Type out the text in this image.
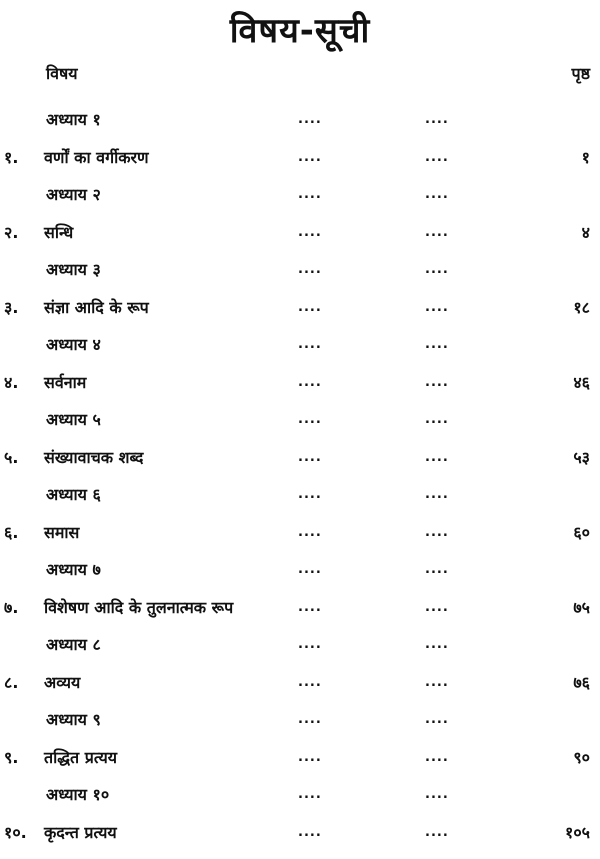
विषय-सूची
विषय	पृष्ठ
अध्याय १	....	....
१. वर्णों का वर्गीकरण	....	....	१
अध्याय २	....	....
२. सन्धि	....	....	४
अध्याय ३	....	....
३. संज्ञा आदि के रूप	....	....	१८
अध्याय ४	....	....
४. सर्वनाम	....	....	४६
अध्याय ५	....	....
५. संख्यावाचक शब्द	....	....	५३
अध्याय ६	....	....
६. समास	....	....	६०
अध्याय ७	....	....
७. विशेषण आदि के तुलनात्मक रूप	....	....	७५
अध्याय ८	....	....
८. अव्यय	....	....	७६
अध्याय ९	....	....
९. तद्धित प्रत्यय	....	....	९०
अध्याय १०	....	....
१०. कृदन्त प्रत्यय	....	....	१०५
